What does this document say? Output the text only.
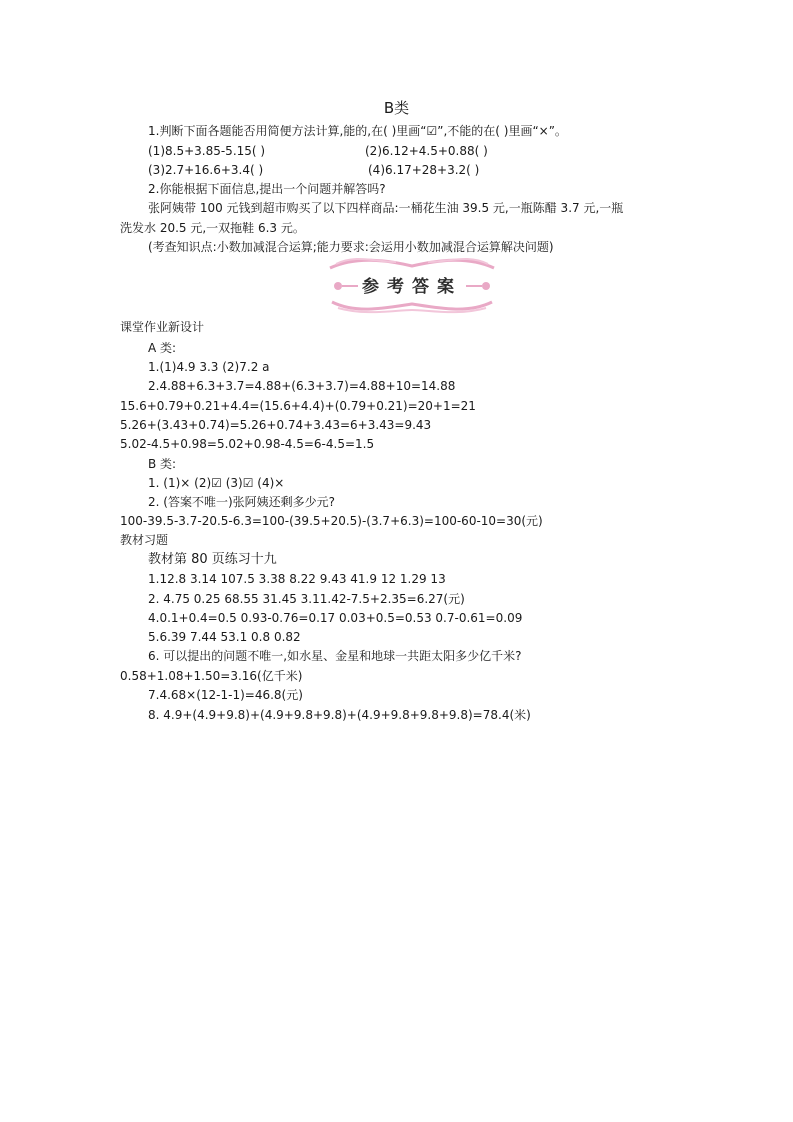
B类
1.判断下面各题能否用简便方法计算,能的,在( )里画“☑”,不能的在( )里画“×”。
(1)8.5+3.85-5.15( )	(2)6.12+4.5+0.88( )
(3)2.7+16.6+3.4( )	(4)6.17+28+3.2( )
2.你能根据下面信息,提出一个问题并解答吗?
张阿姨带 100 元钱到超市购买了以下四样商品:一桶花生油 39.5 元,一瓶陈醋 3.7 元,一瓶
洗发水 20.5 元,一双拖鞋 6.3 元。
(考查知识点:小数加减混合运算;能力要求:会运用小数加减混合运算解决问题)
参考答案
课堂作业新设计
A 类:
1.(1)4.9 3.3 (2)7.2 a
2.4.88+6.3+3.7=4.88+(6.3+3.7)=4.88+10=14.88
15.6+0.79+0.21+4.4=(15.6+4.4)+(0.79+0.21)=20+1=21
5.26+(3.43+0.74)=5.26+0.74+3.43=6+3.43=9.43
5.02-4.5+0.98=5.02+0.98-4.5=6-4.5=1.5
B 类:
1. (1)× (2)☑ (3)☑ (4)×
2. (答案不唯一)张阿姨还剩多少元?
100-39.5-3.7-20.5-6.3=100-(39.5+20.5)-(3.7+6.3)=100-60-10=30(元)
教材习题
教材第 80 页练习十九
1.12.8 3.14 107.5 3.38 8.22 9.43 41.9 12 1.29 13
2. 4.75 0.25 68.55 31.45 3.11.42-7.5+2.35=6.27(元)
4.0.1+0.4=0.5 0.93-0.76=0.17 0.03+0.5=0.53 0.7-0.61=0.09
5.6.39 7.44 53.1 0.8 0.82
6. 可以提出的问题不唯一,如水星、金星和地球一共距太阳多少亿千米?
0.58+1.08+1.50=3.16(亿千米)
7.4.68×(12-1-1)=46.8(元)
8. 4.9+(4.9+9.8)+(4.9+9.8+9.8)+(4.9+9.8+9.8+9.8)=78.4(米)
